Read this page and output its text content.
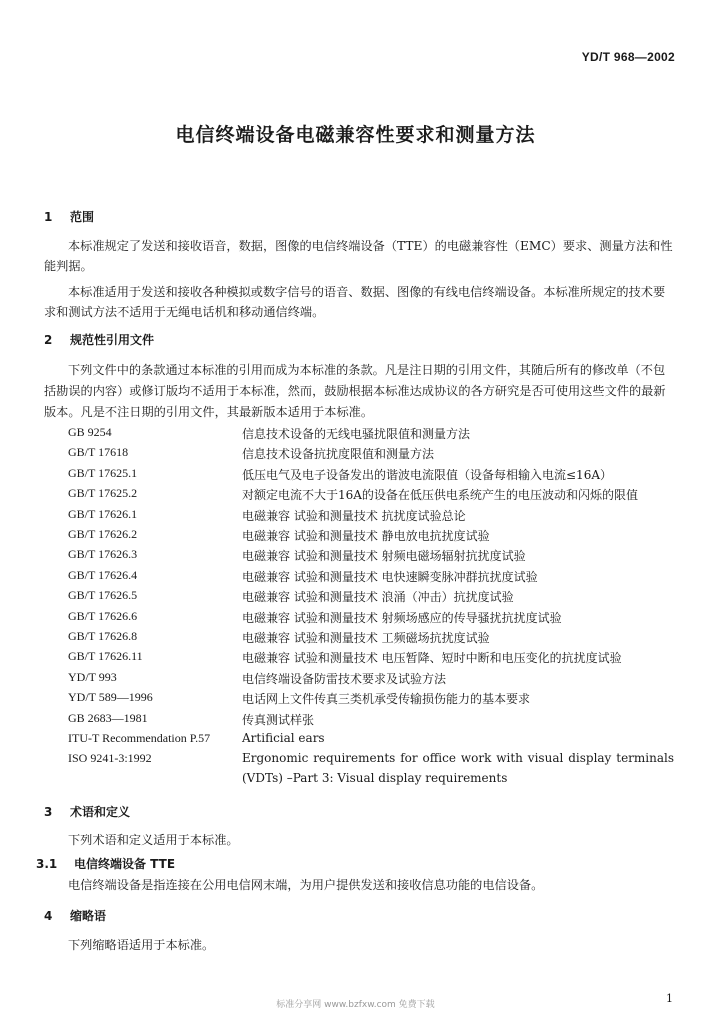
YD/T 968—2002
电信终端设备电磁兼容性要求和测量方法
1 范围
本标准规定了发送和接收语音，数据，图像的电信终端设备（TTE）的电磁兼容性（EMC）要求、测量方法和性能判据。
本标准适用于发送和接收各种模拟或数字信号的语音、数据、图像的有线电信终端设备。本标准所规定的技术要求和测试方法不适用于无绳电话机和移动通信终端。
2 规范性引用文件
下列文件中的条款通过本标准的引用而成为本标准的条款。凡是注日期的引用文件，其随后所有的修改单（不包括勘误的内容）或修订版均不适用于本标准，然而，鼓励根据本标准达成协议的各方研究是否可使用这些文件的最新版本。凡是不注日期的引用文件，其最新版本适用于本标准。
GB 9254	信息技术设备的无线电骚扰限值和测量方法
GB/T 17618	信息技术设备抗扰度限值和测量方法
GB/T 17625.1	低压电气及电子设备发出的谐波电流限值（设备每相输入电流≤16A）
GB/T 17625.2	对额定电流不大于16A的设备在低压供电系统产生的电压波动和闪烁的限值
GB/T 17626.1	电磁兼容 试验和测量技术 抗扰度试验总论
GB/T 17626.2	电磁兼容 试验和测量技术 静电放电抗扰度试验
GB/T 17626.3	电磁兼容 试验和测量技术 射频电磁场辐射抗扰度试验
GB/T 17626.4	电磁兼容 试验和测量技术 电快速瞬变脉冲群抗扰度试验
GB/T 17626.5	电磁兼容 试验和测量技术 浪涌（冲击）抗扰度试验
GB/T 17626.6	电磁兼容 试验和测量技术 射频场感应的传导骚扰抗扰度试验
GB/T 17626.8	电磁兼容 试验和测量技术 工频磁场抗扰度试验
GB/T 17626.11	电磁兼容 试验和测量技术 电压暂降、短时中断和电压变化的抗扰度试验
YD/T 993	电信终端设备防雷技术要求及试验方法
YD/T 589—1996	电话网上文件传真三类机承受传输损伤能力的基本要求
GB 2683—1981	传真测试样张
ITU-T Recommendation P.57	Artificial ears
ISO 9241-3:1992	Ergonomic requirements for office work with visual display terminals (VDTs) –Part 3: Visual display requirements
3 术语和定义
下列术语和定义适用于本标准。
3.1 电信终端设备 TTE
电信终端设备是指连接在公用电信网末端，为用户提供发送和接收信息功能的电信设备。
4 缩略语
下列缩略语适用于本标准。
标准分享网 www.bzfxw.com 免费下载	1
